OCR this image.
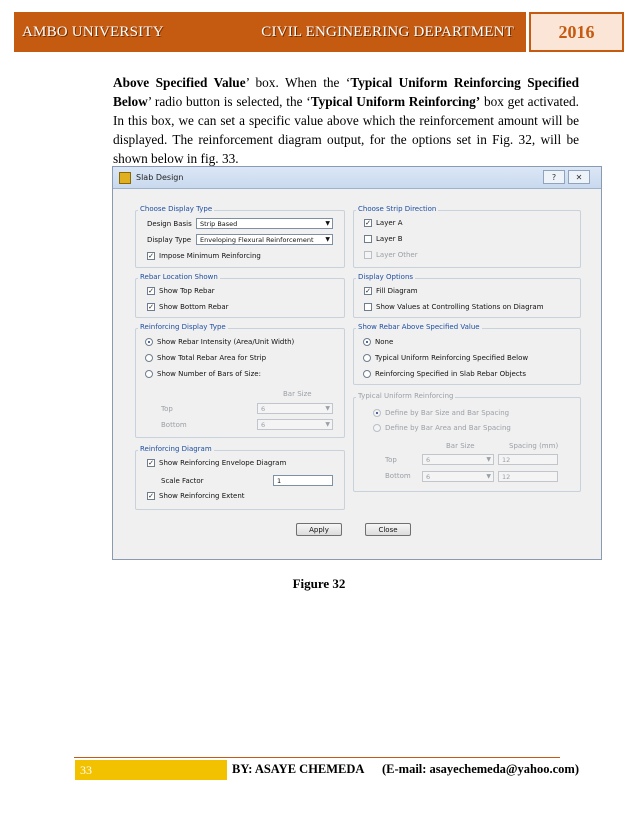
AMBO UNIVERSITY	CIVIL ENGINEERING DEPARTMENT	2016
Above Specified Value’ box. When the ‘Typical Uniform Reinforcing Specified Below’ radio button is selected, the ‘Typical Uniform Reinforcing’ box get activated. In this box, we can set a specific value above which the reinforcement amount will be displayed. The reinforcement diagram output, for the options set in Fig. 32, will be shown below in fig. 33.
Slab Design	?	✕
Choose Display Type
Design Basis Strip Based	▼
Display Type Enveloping Flexural Reinforcement ▼
✓ Impose Minimum Reinforcing
Choose Strip Direction
✓ Layer A
Layer B
Layer Other
Rebar Location Shown
✓ Show Top Rebar
✓ Show Bottom Rebar
Display Options
✓ Fill Diagram
Show Values at Controlling Stations on Diagram
Reinforcing Display Type
Show Rebar Intensity (Area/Unit Width)
Show Total Rebar Area for Strip
Show Number of Bars of Size:
Bar Size
Top	6	▼
Bottom	6	▼
Show Rebar Above Specified Value
None
Typical Uniform Reinforcing Specified Below
Reinforcing Specified in Slab Rebar Objects
Typical Uniform Reinforcing
Define by Bar Size and Bar Spacing
Define by Bar Area and Bar Spacing
Bar Size	Spacing (mm)
Top	6	▼	12
Bottom 6	▼	12
Reinforcing Diagram
✓ Show Reinforcing Envelope Diagram
Scale Factor	1
✓ Show Reinforcing Extent
Apply	Close
Figure 32
33	BY: ASAYE CHEMEDA (E-mail: asayechemeda@yahoo.com)
